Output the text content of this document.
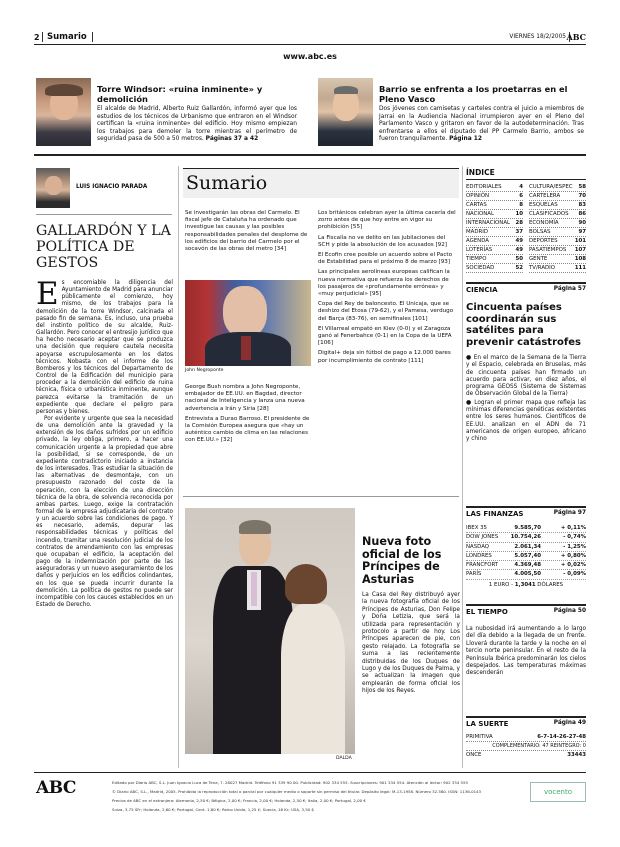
2 Sumario	VIERNES 18/2/2005 ABC
www.abc.es
Torre Windsor: «ruina inminente» y demolición
El alcalde de Madrid, Alberto Ruiz Gallardón, informó ayer que los estudios de los técnicos de Urbanismo que entraron en el Windsor certifican la «ruina inminente» del edificio. Hoy mismo empiezan los trabajos para demoler la torre mientras el perímetro de seguridad pasa de 500 a 50 metros. Páginas 37 a 42
Barrio se enfrenta a los proetarras en el Pleno Vasco
Dos jóvenes con camisetas y carteles contra el juicio a miembros de Jarrai en la Audiencia Nacional irrumpieron ayer en el Pleno del Parlamento Vasco y gritaron en favor de la autodeterminación. Tras enfrentarse a ellos el diputado del PP Carmelo Barrio, ambos se fueron tranquilamente. Página 12
LUIS IGNACIO PARADA
GALLARDÓN Y LA POLÍTICA DE GESTOS
Es encomiable la diligencia del Ayuntamiento de Madrid para anunciar públicamente el comienzo, hoy mismo, de los trabajos para la demolición de la torre Windsor, calcinada el pasado fin de semana. Es, incluso, una prueba del instinto político de su alcalde, Ruiz-Gallardón. Pero conocer el entresijo jurídico que ha hecho necesario aceptar que se produzca una decisión que requiere cautela necesita apoyarse escrupulosamente en los datos técnicos. Nobasta con el informe de los Bomberos y los técnicos del Departamento de Control de la Edificación del municipio para proceder a la demolición del edificio de ruina técnica, física o urbanística inminente, aunque parezca evitarse la tramitación de un expediente que declare el peligro para personas y bienes.
Por evidente y urgente que sea la necesidad de una demolición ante la gravedad y la extensión de los daños sufridos por un edificio privado, la ley obliga, primero, a hacer una comunicación urgente a la propiedad que abre la posibilidad, si se corresponde, de un expediente contradictorio iniciado a instancia de los interesados. Tras estudiar la situación de las alternativas de desmontaje, con un presupuesto razonado del coste de la operación, con la elección de una dirección técnica de la obra, de solvencia reconocida por ambas partes. Luego, exige la contratación formal de la empresa adjudicataria del contrato y un acuerdo sobre las condiciones de pago. Y es necesario, además, depurar las responsabilidades técnicas y políticas del incendio, tramitar una resolución judicial de los contratos de arrendamiento con las empresas que ocupaban el edificio, la aceptación del pago de la indemnización por parte de las aseguradoras y un nuevo aseguramiento de los daños y perjuicios en los edificios colindantes, en los que se pueda incurrir durante la demolición. La política de gestos no puede ser incompatible con los cauces establecidos en un Estado de Derecho.
Sumario

Se investigarán las obras del Carmelo. El fiscal jefe de Cataluña ha ordenado que investigue las causas y las posibles responsabilidades penales del desplome de los edificios del barrio del Carmelo por el socavón de las obras del metro [34]

John Negroponte

George Bush nombra a John Negroponte, embajador de EE.UU. en Bagdad, director nacional de Inteligencia y lanza una nueva advertencia a Irán y Siria [28]

Entrevista a Durao Barroso. El presidente de la Comisión Europea asegura que «hay un auténtico cambio de clima en las relaciones con EE.UU.» [32]

Los británicos celebran ayer la última cacería del zorro antes de que hoy entre en vigor su prohibición [55]

La Fiscalía no ve delito en las jubilaciones del SCH y pide la absolución de los acusados [92]

El Ecofin cree posible un acuerdo sobre el Pacto de Estabilidad para el próximo 8 de marzo [93]

Las principales aerolíneas europeas califican la nueva normativa que refuerza los derechos de los pasajeros de «profundamente errónea» y «muy perjudicial» [95]

Copa del Rey de baloncesto. El Unicaja, que se deshizo del Etosa (79-62), y el Pamesa, verdugo del Barça (83-76), en semifinales [101]

El Villarreal empató en Kiev (0-0) y el Zaragoza ganó al Fenerbahce (0-1) en la Copa de la UEFA [106]

Digital+ deja sin fútbol de pago a 12.000 bares por incumplimiento de contrato [111]

DALDA
Nueva foto oficial de los Príncipes de Asturias
La Casa del Rey distribuyó ayer la nueva fotografía oficial de los Príncipes de Asturias, Don Felipe y Doña Letizia, que será la utilizada para representación y protocolo a partir de hoy. Los Príncipes aparecen de pie, con gesto relajado. La fotografía se suma a las recientemente distribuidas de los Duques de Lugo y de los Duques de Palma, y se actualizan la imagen que emplearán de forma oficial los hijos de los Reyes.
ÍNDICE
EDITORIALES	4
OPINIÓN	6
CARTAS	8
NACIONAL	10
INTERNACIONAL 28
MADRID	37
AGENDA	49
LOTERÍAS	49
TIEMPO	50
SOCIEDAD	52
CULTURA/ESPEC 58
CARTELERA	70
ESQUELAS	83
CLASIFICADOS 86
ECONOMÍA	90
BOLSAS	97
DEPORTES	101
PASATIEMPOS 107
GENTE	108
TV/RADIO	111
CIENCIA	Página 57
Cincuenta países coordinarán sus satélites para prevenir catástrofes
● En el marco de la Semana de la Tierra y el Espacio, celebrada en Bruselas, más de cincuenta países han firmado un acuerdo para activar, en diez años, el programa GEOSS (Sistema de Sistemas de Observación Global de la Tierra)
● Logran el primer mapa que refleja las mínimas diferencias genéticas existentes entre los seres humanos. Científicos de EE.UU. analizan en el ADN de 71 americanos de origen europeo, africano y chino
LAS FINANZAS	Página 97
IBEX 35	9.585,70	+ 0,11%
DOW JONES	10.754,26	- 0,74%
NASDAQ	2.061,34	- 1,25%
LONDRES	5.057,40	+ 0,80%
FRANCFORT	4.369,48	+ 0,02%
PARÍS	4.005,50	- 0,09%
1 EURO - 1,3041 DÓLARES
EL TIEMPO	Página 50
La nubosidad irá aumentando a lo largo del día debido a la llegada de un frente. Lloverá durante la tarde y la noche en el tercio norte peninsular. En el resto de la Península Ibérica predominarán los cielos despejados. Las temperaturas máximas descenderán
LA SUERTE	Página 49
PRIMITIVA	6-7-14-26-27-48
COMPLEMENTARIO: 47 REINTEGRO: 0
ONCE	33443
ABC	Editado por Diario ABC, S.L. Juan Ignacio Luca de Tena, 7. 28027 Madrid. Teléfono 91 339 90 00. Publicidad: 902 334 555. Suscripciones: 901 334 554. Atención al lector: 902 334 555
© Diario ABC, S.L., Madrid, 2005. Prohibida la reproducción total o parcial por cualquier medio o soporte sin permiso del titular. Depósito legal: M-13-1958. Número 32.580. ISSN: 1136-0143
Precios de ABC en el extranjero: Alemania, 2,50 €; Bélgica, 2,00 €; Francia, 2,00 €; Holanda, 2,50 €; Italia, 2,00 €; Portugal, 2,00 €
Suiza, 3,75 SFr; Holanda, 2,60 €; Portugal, Cont. 1,80 €; Reino Unido, 1,25 £; Suecia, 16 Kr; USA, 3,50 $
vocento
